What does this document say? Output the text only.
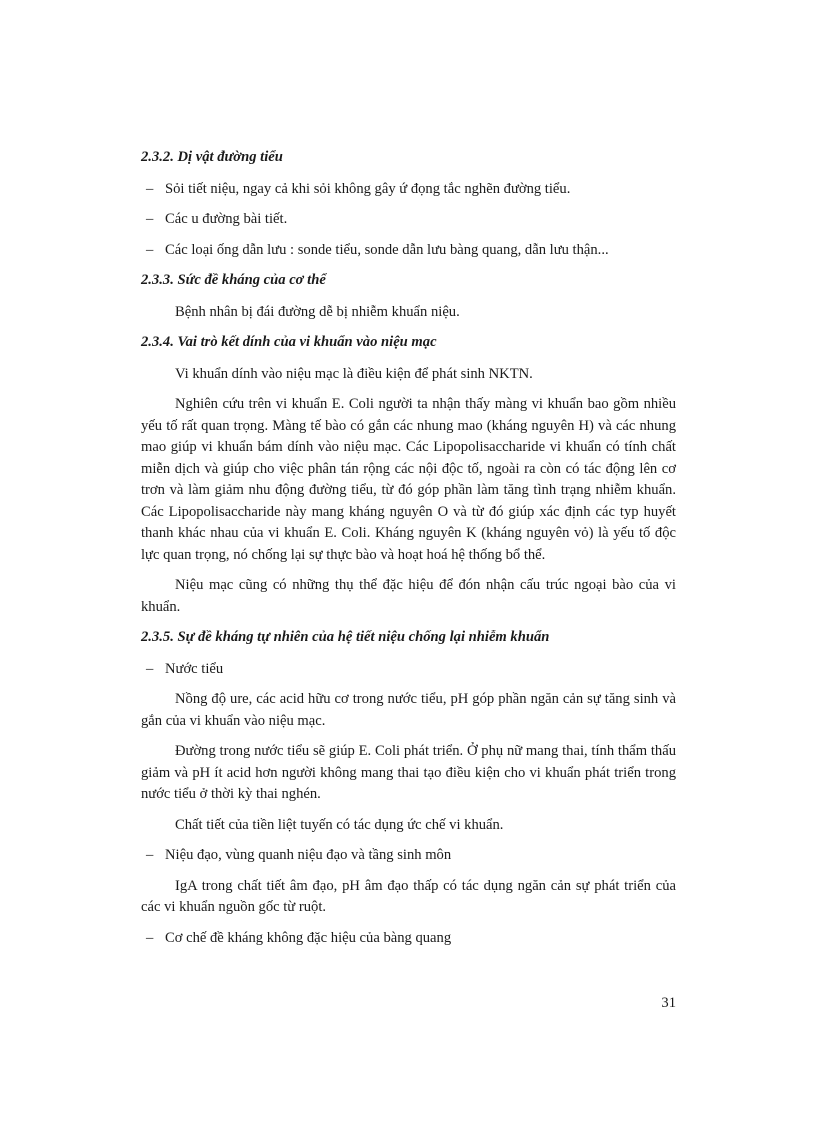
2.3.2. Dị vật đường tiểu
– Sỏi tiết niệu, ngay cả khi sỏi không gây ứ đọng tắc nghẽn đường tiểu.
– Các u đường bài tiết.
– Các loại ống dẫn lưu : sonde tiểu, sonde dẫn lưu bàng quang, dẫn lưu thận...
2.3.3. Sức đề kháng của cơ thể

Bệnh nhân bị đái đường dễ bị nhiễm khuẩn niệu.

2.3.4. Vai trò kết dính của vi khuẩn vào niệu mạc

Vi khuẩn dính vào niệu mạc là điều kiện để phát sinh NKTN.

Nghiên cứu trên vi khuẩn E. Coli người ta nhận thấy màng vi khuẩn bao gồm nhiều yếu tố rất quan trọng. Màng tế bào có gắn các nhung mao (kháng nguyên H) và các nhung mao giúp vi khuẩn bám dính vào niệu mạc. Các Lipopolisaccharide vi khuẩn có tính chất miễn dịch và giúp cho việc phân tán rộng các nội độc tố, ngoài ra còn có tác động lên cơ trơn và làm giảm nhu động đường tiểu, từ đó góp phần làm tăng tình trạng nhiễm khuẩn. Các Lipopolisaccharide này mang kháng nguyên O và từ đó giúp xác định các typ huyết thanh khác nhau của vi khuẩn E. Coli. Kháng nguyên K (kháng nguyên vỏ) là yếu tố độc lực quan trọng, nó chống lại sự thực bào và hoạt hoá hệ thống bổ thể.

Niệu mạc cũng có những thụ thể đặc hiệu để đón nhận cấu trúc ngoại bào của vi khuẩn.

2.3.5. Sự đề kháng tự nhiên của hệ tiết niệu chống lại nhiễm khuẩn
– Nước tiểu

Nồng độ ure, các acid hữu cơ trong nước tiểu, pH góp phần ngăn cản sự tăng sinh và gắn của vi khuẩn vào niệu mạc.

Đường trong nước tiểu sẽ giúp E. Coli phát triển. Ở phụ nữ mang thai, tính thẩm thấu giảm và pH ít acid hơn người không mang thai tạo điều kiện cho vi khuẩn phát triển trong nước tiểu ở thời kỳ thai nghén.

Chất tiết của tiền liệt tuyến có tác dụng ức chế vi khuẩn.

– Niệu đạo, vùng quanh niệu đạo và tầng sinh môn

IgA trong chất tiết âm đạo, pH âm đạo thấp có tác dụng ngăn cản sự phát triển của các vi khuẩn nguồn gốc từ ruột.

– Cơ chế đề kháng không đặc hiệu của bàng quang
31
